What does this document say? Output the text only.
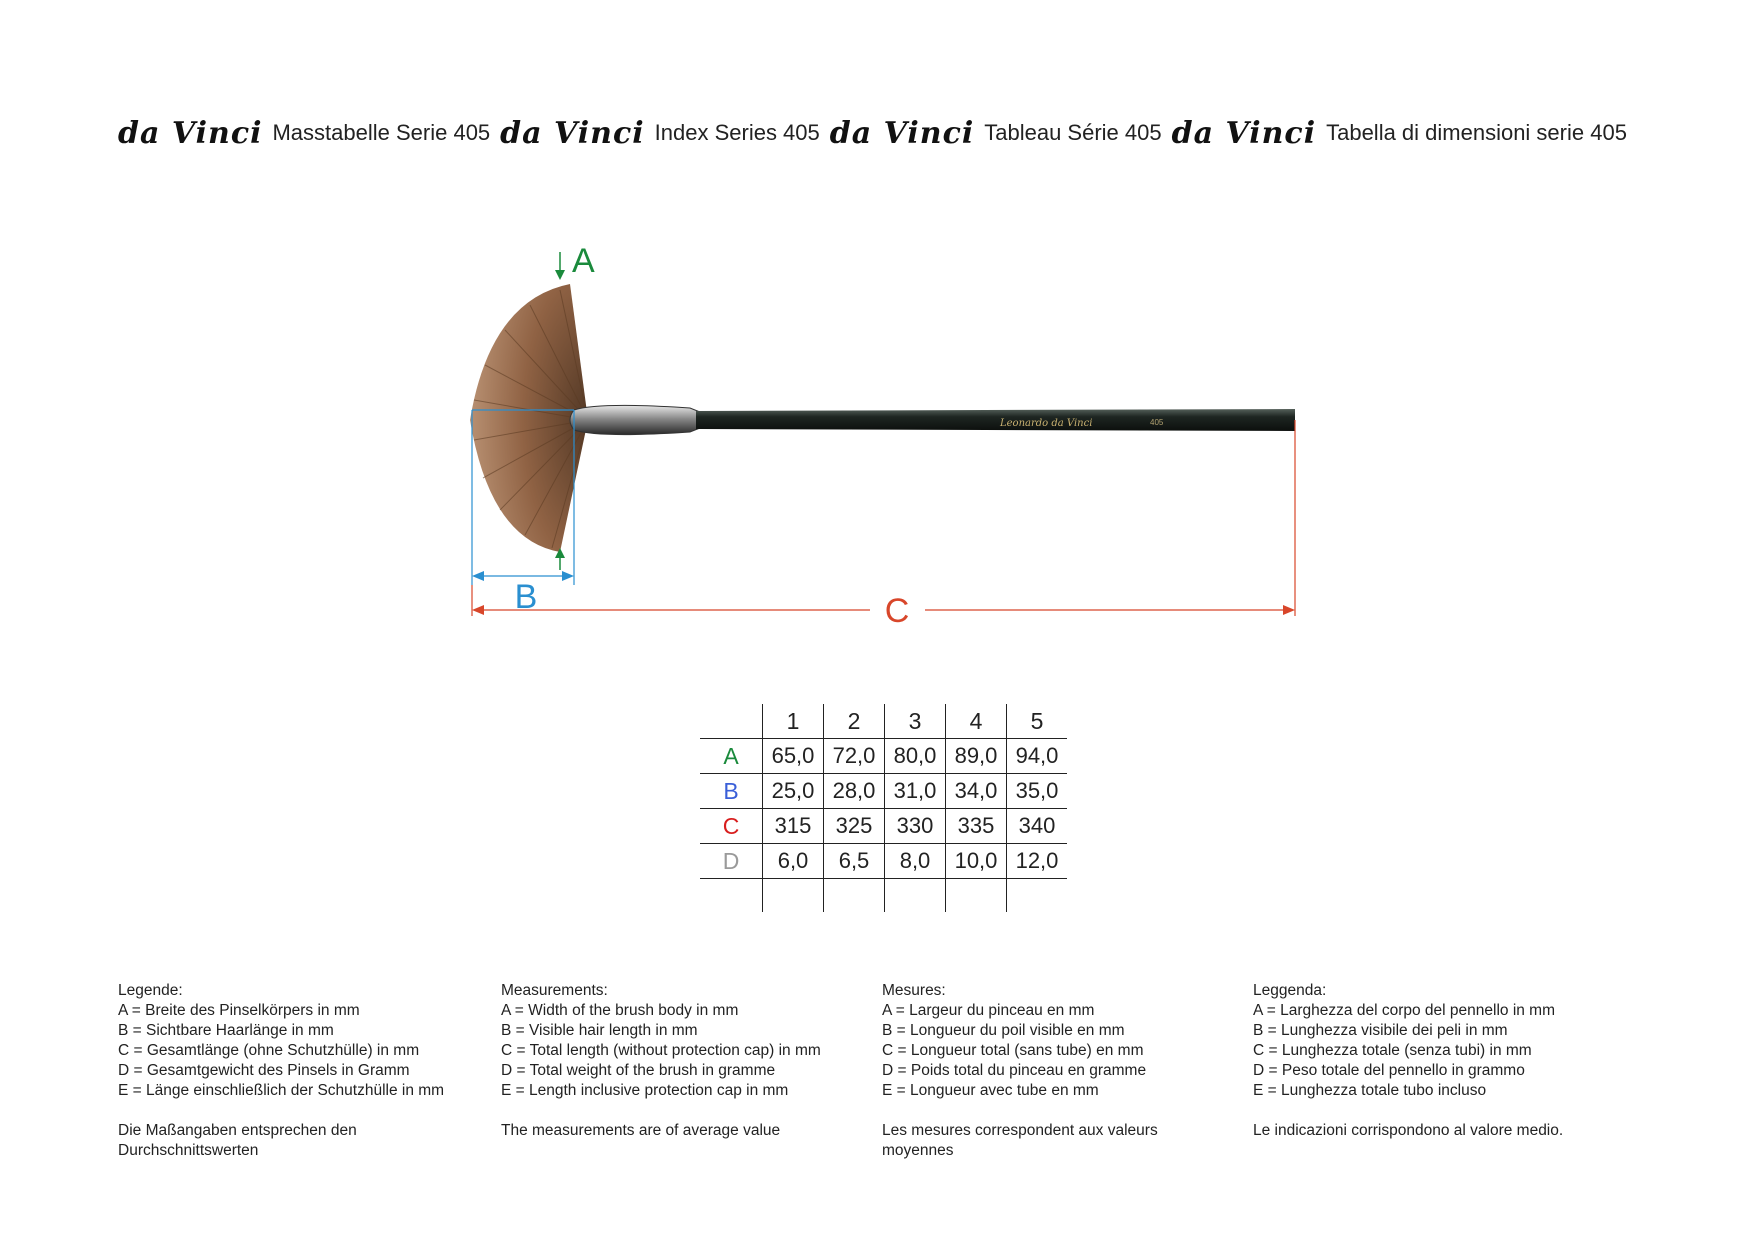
da Vinci Masstabelle Serie 405 da Vinci Index Series 405 da Vinci Tableau Série 405 da Vinci Tabella di dimensioni serie 405
Leonardo da Vinci	405
A
B	C
	1	2	3	4	5
A	65,0	72,0	80,0	89,0	94,0
B	25,0	28,0	31,0	34,0	35,0
C	315	325	330	335	340
D	6,0	6,5	8,0	10,0	12,0

Legende:
A = Breite des Pinselkörpers in mm
B = Sichtbare Haarlänge in mm
C = Gesamtlänge (ohne Schutzhülle) in mm
D = Gesamtgewicht des Pinsels in Gramm
E = Länge einschließlich der Schutzhülle in mm
Die Maßangaben entsprechen den Durchschnittswerten
Measurements:
A = Width of the brush body in mm
B = Visible hair length in mm
C = Total length (without protection cap) in mm
D = Total weight of the brush in gramme
E = Length inclusive protection cap in mm
The measurements are of average value
Mesures:
A = Largeur du pinceau en mm
B = Longueur du poil visible en mm
C = Longueur total (sans tube) en mm
D = Poids total du pinceau en gramme
E = Longueur avec tube en mm
Les mesures correspondent aux valeurs moyennes
Leggenda:
A = Larghezza del corpo del pennello in mm
B = Lunghezza visibile dei peli in mm
C = Lunghezza totale (senza tubi) in mm
D = Peso totale del pennello in grammo
E = Lunghezza totale tubo incluso
Le indicazioni corrispondono al valore medio.
